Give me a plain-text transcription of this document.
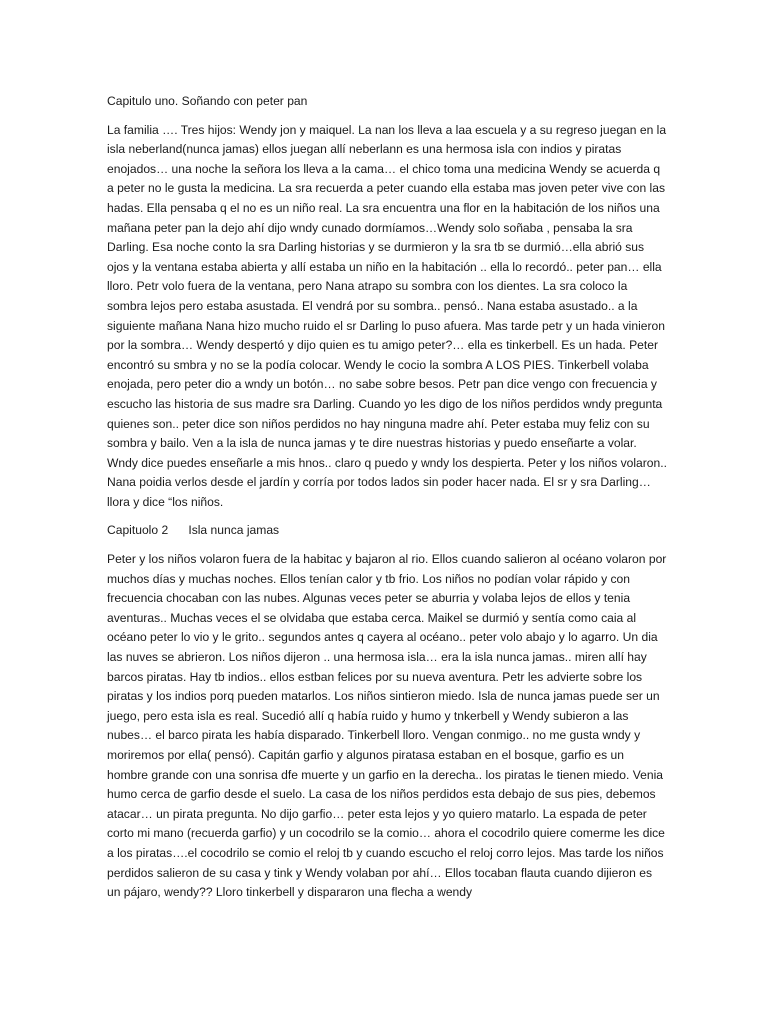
Capitulo uno. Soñando con peter pan

La familia …. Tres hijos: Wendy jon y maiquel. La nan los lleva a laa escuela y a su regreso juegan en la isla neberland(nunca jamas) ellos juegan allí neberlann es una hermosa isla con indios y piratas enojados… una noche la señora los lleva a la cama… el chico toma una medicina Wendy se acuerda q a peter no le gusta la medicina. La sra recuerda a peter cuando ella estaba mas joven peter vive con las hadas. Ella pensaba q el no es un niño real. La sra encuentra una flor en la habitación de los niños una mañana peter pan la dejo ahí dijo wndy cunado dormíamos…Wendy solo soñaba , pensaba la sra Darling. Esa noche conto la sra Darling historias y se durmieron y la sra tb se durmió…ella abrió sus ojos y la ventana estaba abierta y allí estaba un niño en la habitación .. ella lo recordó.. peter pan… ella lloro. Petr volo fuera de la ventana, pero Nana atrapo su sombra con los dientes. La sra coloco la sombra lejos pero estaba asustada. El vendrá por su sombra.. pensó.. Nana estaba asustado.. a la siguiente mañana Nana hizo mucho ruido el sr Darling lo puso afuera. Mas tarde petr y un hada vinieron por la sombra… Wendy despertó y dijo quien es tu amigo peter?… ella es tinkerbell. Es un hada. Peter encontró su smbra y no se la podía colocar. Wendy le cocio la sombra A LOS PIES. Tinkerbell volaba enojada, pero peter dio a wndy un botón… no sabe sobre besos. Petr pan dice vengo con frecuencia y escucho las historia de sus madre sra Darling. Cuando yo les digo de los niños perdidos wndy pregunta quienes son.. peter dice son niños perdidos no hay ninguna madre ahí. Peter estaba muy feliz con su sombra y bailo. Ven a la isla de nunca jamas y te dire nuestras historias y puedo enseñarte a volar. Wndy dice puedes enseñarle a mis hnos.. claro q puedo y wndy los despierta. Peter y los niños volaron.. Nana poidia verlos desde el jardín y corría por todos lados sin poder hacer nada. El sr y sra Darling… llora y dice “los niños.

Capituolo 2      Isla nunca jamas

Peter y los niños volaron fuera de la habitac y bajaron al rio. Ellos cuando salieron al océano volaron por muchos días y muchas noches. Ellos tenían calor y tb frio. Los niños no podían volar rápido y con frecuencia chocaban con las nubes. Algunas veces peter se aburria y volaba lejos de ellos y tenia aventuras.. Muchas veces el se olvidaba que estaba cerca. Maikel se durmió y sentía como caia al océano peter lo vio y le grito.. segundos antes q cayera al océano.. peter volo abajo y lo agarro. Un dia las nuves se abrieron. Los niños dijeron .. una hermosa isla… era la isla nunca jamas.. miren allí hay barcos piratas. Hay tb indios.. ellos estban felices por su nueva aventura. Petr les advierte sobre los piratas y los indios porq pueden matarlos. Los niños sintieron miedo. Isla de nunca jamas puede ser un juego, pero esta isla es real. Sucedió allí q había ruido y humo y tnkerbell y Wendy subieron a las nubes… el barco pirata les había disparado. Tinkerbell lloro. Vengan conmigo.. no me gusta wndy y moriremos por ella( pensó). Capitán garfio y algunos piratasa estaban en el bosque, garfio es un hombre grande con una sonrisa dfe muerte y un garfio en la derecha.. los piratas le tienen miedo. Venia humo cerca de garfio desde el suelo. La casa de los niños perdidos esta debajo de sus pies, debemos atacar… un pirata pregunta. No dijo garfio… peter esta lejos y yo quiero matarlo. La espada de peter corto mi mano (recuerda garfio) y un cocodrilo se la comio… ahora el cocodrilo quiere comerme les dice a los piratas….el cocodrilo se comio el reloj tb y cuando escucho el reloj corro lejos. Mas tarde los niños perdidos salieron de su casa y tink y Wendy volaban por ahí… Ellos tocaban flauta cuando dijieron es un pájaro, wendy?? Lloro tinkerbell y dispararon una flecha a wendy
